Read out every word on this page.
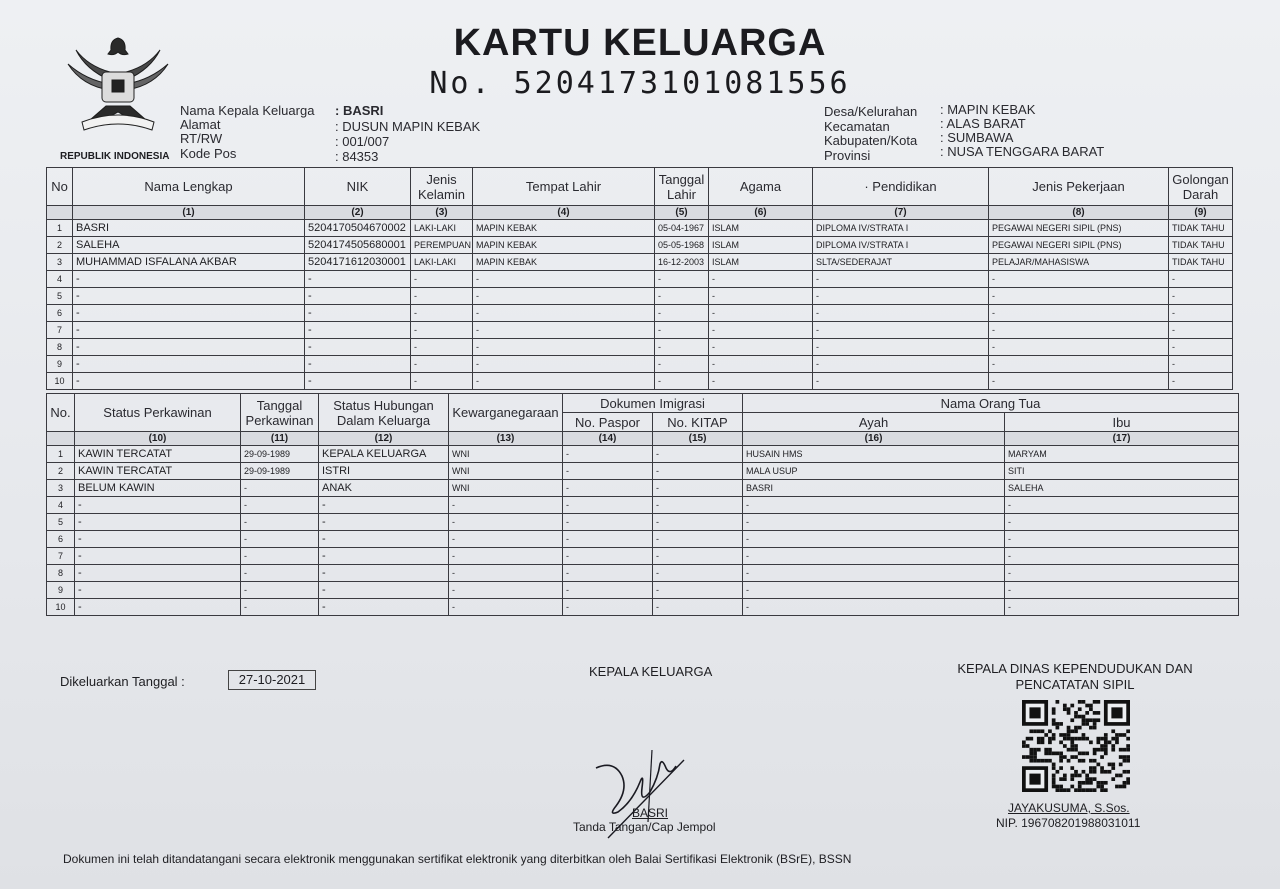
REPUBLIK INDONESIA
KARTU KELUARGA
No. 5204173101081556
Nama Kepala Keluarga : BASRI
Alamat	: DUSUN MAPIN KEBAK
RT/RW	: 001/007
Kode Pos	: 84353
Desa/Kelurahan : MAPIN KEBAK
Kecamatan	: ALAS BARAT
Kabupaten/Kota : SUMBAWA
Provinsi	: NUSA TENGGARA BARAT
No	Nama Lengkap	NIK	Jenis Kelamin	Tempat Lahir	Tanggal Lahir	Agama	· Pendidikan	Jenis Pekerjaan	Golongan Darah
	(1)	(2)	(3)	(4)	(5)	(6)	(7)	(8)	(9)
1	BASRI	5204170504670002	LAKI-LAKI	MAPIN KEBAK	05-04-1967	ISLAM	DIPLOMA IV/STRATA I	PEGAWAI NEGERI SIPIL (PNS)	TIDAK TAHU
2	SALEHA	5204174505680001	PEREMPUAN	MAPIN KEBAK	05-05-1968	ISLAM	DIPLOMA IV/STRATA I	PEGAWAI NEGERI SIPIL (PNS)	TIDAK TAHU
3	MUHAMMAD ISFALANA AKBAR	5204171612030001	LAKI-LAKI	MAPIN KEBAK	16-12-2003	ISLAM	SLTA/SEDERAJAT	PELAJAR/MAHASISWA	TIDAK TAHU
4	-	-	-	-	-	-	-	-	-
5	-	-	-	-	-	-	-	-	-
6	-	-	-	-	-	-	-	-	-
7	-	-	-	-	-	-	-	-	-
8	-	-	-	-	-	-	-	-	-
9	-	-	-	-	-	-	-	-	-
10	-	-	-	-	-	-	-	-	-
No.	Status Perkawinan	Tanggal Perkawinan	Status Hubungan Dalam Keluarga	Kewarganegaraan	Dokumen Imigrasi		Nama Orang Tua	
					No. Paspor	No. KITAP	Ayah	Ibu
	(10)	(11)	(12)	(13)	(14)	(15)	(16)	(17)
1	KAWIN TERCATAT	29-09-1989	KEPALA KELUARGA	WNI	-	-	HUSAIN HMS	MARYAM
2	KAWIN TERCATAT	29-09-1989	ISTRI	WNI	-	-	MALA USUP	SITI
3	BELUM KAWIN	-	ANAK	WNI	-	-	BASRI	SALEHA
4	-	-	-	-	-	-	-	-
5	-	-	-	-	-	-	-	-
6	-	-	-	-	-	-	-	-
7	-	-	-	-	-	-	-	-
8	-	-	-	-	-	-	-	-
9	-	-	-	-	-	-	-	-
10	-	-	-	-	-	-	-	-
Dikeluarkan Tanggal :	27-10-2021
KEPALA KELUARGA
BASRI
Tanda Tangan/Cap Jempol
KEPALA DINAS KEPENDUDUKAN DAN PENCATATAN SIPIL
JAYAKUSUMA, S.Sos.
NIP. 196708201988031011
Dokumen ini telah ditandatangani secara elektronik menggunakan sertifikat elektronik yang diterbitkan oleh Balai Sertifikasi Elektronik (BSrE), BSSN
